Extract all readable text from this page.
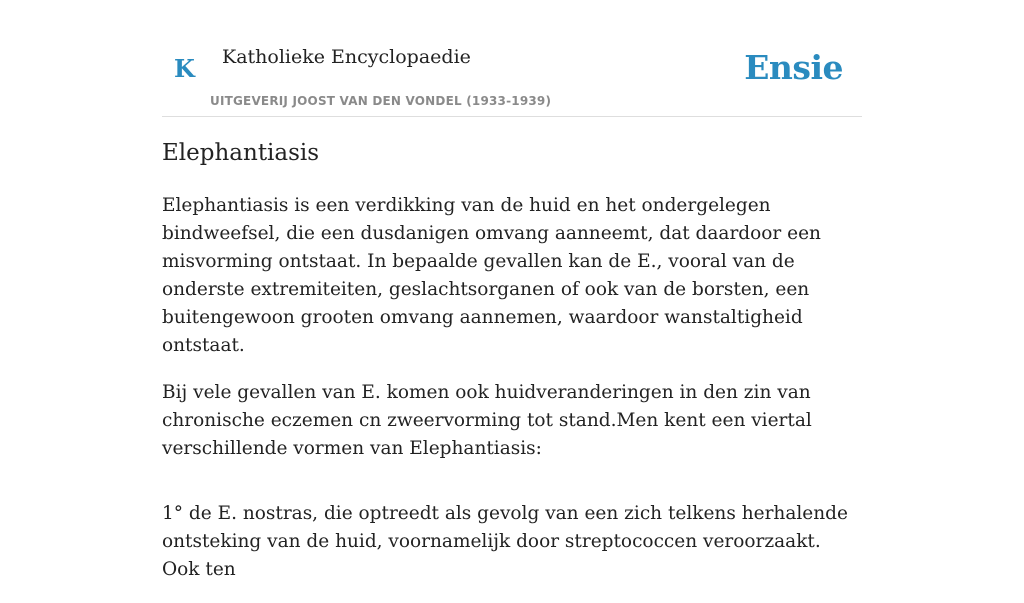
K Katholieke Encyclopaedie
UITGEVERIJ JOOST VAN DEN VONDEL (1933-1939)
Ensie
Elephantiasis

Elephantiasis is een verdikking van de huid en het ondergelegen bindweefsel, die een dusdanigen omvang aanneemt, dat daardoor een misvorming ontstaat. In bepaalde gevallen kan de E., vooral van de onderste extremiteiten, geslachtsorganen of ook van de borsten, een buitengewoon grooten omvang aannemen, waardoor wanstaltigheid ontstaat.

Bij vele gevallen van E. komen ook huidveranderingen in den zin van chronische eczemen cn zweervorming tot stand.Men kent een viertal verschillende vormen van Elephantiasis:

1° de E. nostras, die optreedt als gevolg van een zich telkens herhalende ontsteking van de huid, voornamelijk door streptococcen veroorzaakt. Ook ten
